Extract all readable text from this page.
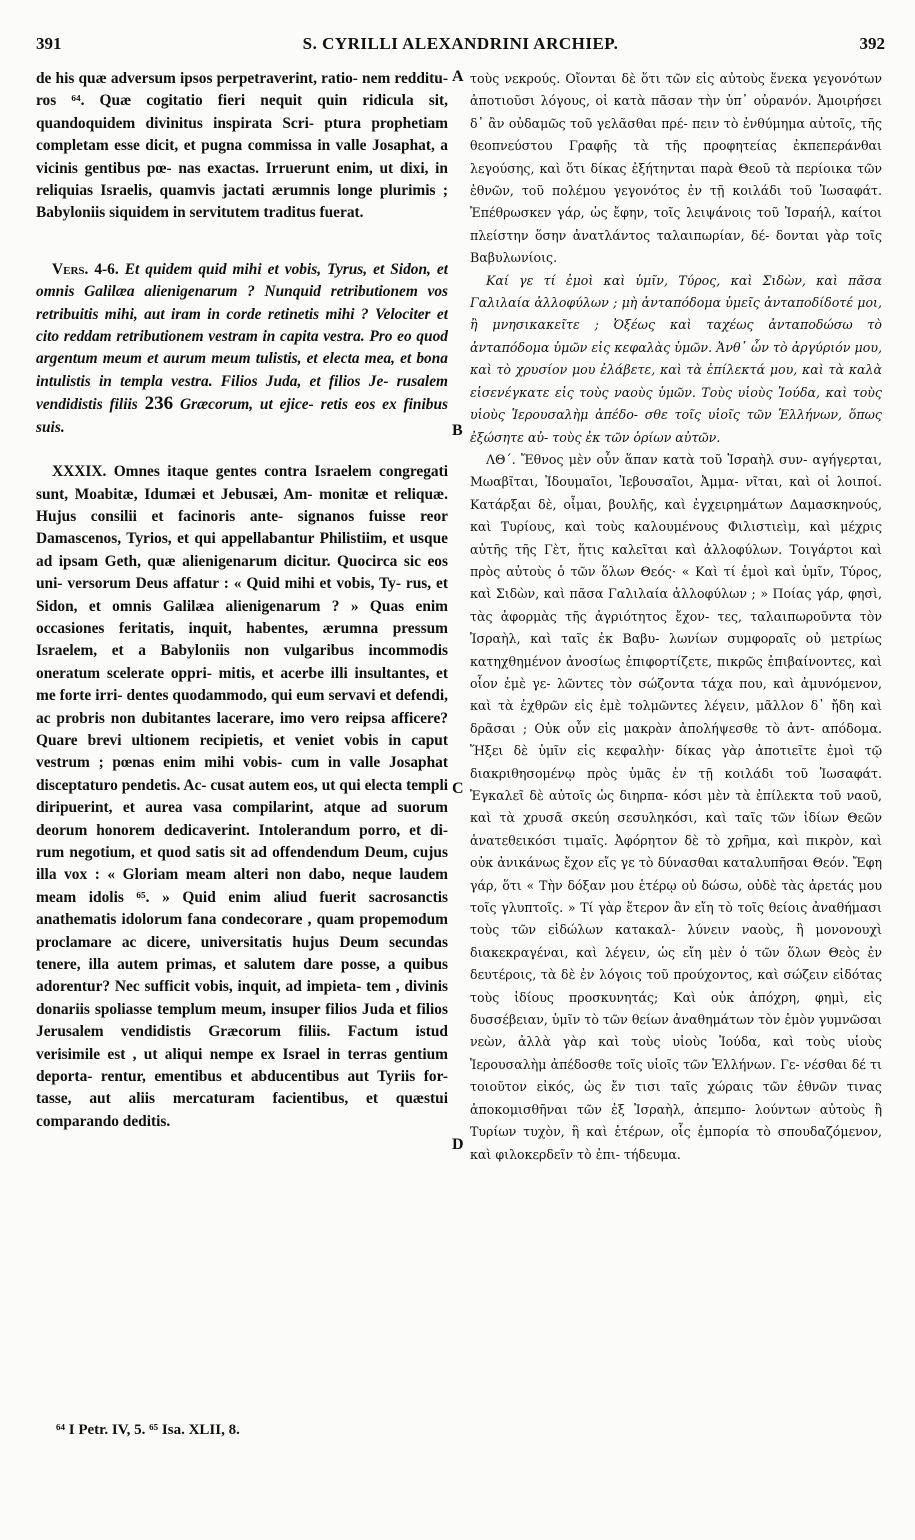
391	S. CYRILLI ALEXANDRINI ARCHIEP.	392

de his quæ adversum ipsos perpetraverint, ratio- nem reddituros ⁶⁴. Quæ cogitatio fieri nequit quin ridicula sit, quandoquidem divinitus inspirata Scri- ptura prophetiam completam esse dicit, et pugna commissa in valle Josaphat, a vicinis gentibus pœ- nas exactas. Irruerunt enim, ut dixi, in reliquias Israelis, quamvis jactati ærumnis longe plurimis ; Babyloniis siquidem in servitutem traditus fuerat.

Vers. 4-6. Et quidem quid mihi et vobis, Tyrus, et Sidon, et omnis Galilæa alienigenarum ? Nunquid retributionem vos retribuitis mihi, aut iram in corde retinetis mihi ? Velociter et cito reddam retributionem vestram in capita vestra. Pro eo quod argentum meum et aurum meum tulistis, et electa mea, et bona intulistis in templa vestra. Filios Juda, et filios Je- rusalem vendidistis filiis 236 Græcorum, ut ejice- retis eos ex finibus suis.

XXXIX. Omnes itaque gentes contra Israelem congregati sunt, Moabitæ, Idumæi et Jebusæi, Am- monitæ et reliquæ. Hujus consilii et facinoris ante- signanos fuisse reor Damascenos, Tyrios, et qui appellabantur Philistiim, et usque ad ipsam Geth, quæ alienigenarum dicitur. Quocirca sic eos uni- versorum Deus affatur : « Quid mihi et vobis, Ty- rus, et Sidon, et omnis Galilæa alienigenarum ? » Quas enim occasiones feritatis, inquit, habentes, ærumna pressum Israelem, et a Babyloniis non vulgaribus incommodis oneratum scelerate oppri- mitis, et acerbe illi insultantes, et me forte irri- dentes quodammodo, qui eum servavi et defendi, ac probris non dubitantes lacerare, imo vero reipsa afficere? Quare brevi ultionem recipietis, et veniet vobis in caput vestrum ; pœnas enim mihi vobis- cum in valle Josaphat disceptaturo pendetis. Ac- cusat autem eos, ut qui electa templi diripuerint, et aurea vasa compilarint, atque ad suorum deorum honorem dedicaverint. Intolerandum porro, et di- rum negotium, et quod satis sit ad offendendum Deum, cujus illa vox : « Gloriam meam alteri non dabo, neque laudem meam idolis ⁶⁵. » Quid enim aliud fuerit sacrosanctis anathematis idolorum fana condecorare , quam propemodum proclamare ac dicere, universitatis hujus Deum secundas tenere, illa autem primas, et salutem dare posse, a quibus adorentur? Nec sufficit vobis, inquit, ad impieta- tem , divinis donariis spoliasse templum meum, insuper filios Juda et filios Jerusalem vendidistis Græcorum filiis. Factum istud verisimile est , ut aliqui nempe ex Israel in terras gentium deporta- rentur, ementibus et abducentibus aut Tyriis for- tasse, aut aliis mercaturam facientibus, et quæstui comparando deditis.

τοὺς νεκρούς. Οἴονται δὲ ὅτι τῶν εἰς αὐτοὺς ἕνεκα γεγονότων ἀποτιοῦσι λόγους, οἱ κατὰ πᾶσαν τὴν ὑπ᾽ οὐρανόν. Ἀμοιρήσει δ᾽ ἂν οὐδαμῶς τοῦ γελᾶσθαι πρέ- πειν τὸ ἐνθύμημα αὐτοῖς, τῆς θεοπνεύστου Γραφῆς τὰ τῆς προφητείας ἐκπεπεράνθαι λεγούσης, καὶ ὅτι δίκας ἐξήτηνται παρὰ Θεοῦ τὰ περίοικα τῶν ἐθνῶν, τοῦ πολέμου γεγονότος ἐν τῇ κοιλάδι τοῦ Ἰωσαφάτ. Ἐπέθρωσκεν γάρ, ὡς ἔφην, τοῖς λειψάνοις τοῦ Ἰσραήλ, καίτοι πλείστην ὅσην ἀνατλάντος ταλαιπωρίαν, δέ- δονται γὰρ τοῖς Βαβυλωνίοις.

Καί γε τί ἐμοὶ καὶ ὑμῖν, Τύρος, καὶ Σιδὼν, καὶ πᾶσα Γαλιλαία ἀλλοφύλων ; μὴ ἀνταπόδομα ὑμεῖς ἀνταποδίδοτέ μοι, ἢ μνησικακεῖτε ; Ὀξέως καὶ ταχέως ἀνταποδώσω τὸ ἀνταπόδομα ὑμῶν εἰς κεφαλὰς ὑμῶν. Ἀνθ᾽ ὧν τὸ ἀργύριόν μου, καὶ τὸ χρυσίον μου ἐλάβετε, καὶ τὰ ἐπίλεκτά μου, καὶ τὰ καλὰ εἰσενέγκατε εἰς τοὺς ναοὺς ὑμῶν. Τοὺς υἱοὺς Ἰούδα, καὶ τοὺς υἱοὺς Ἱερουσαλὴμ ἀπέδο- σθε τοῖς υἱοῖς τῶν Ἑλλήνων, ὅπως ἐξώσητε αὐ- τοὺς ἐκ τῶν ὁρίων αὐτῶν.

ΛΘ΄. Ἔθνος μὲν οὖν ἅπαν κατὰ τοῦ Ἰσραὴλ συν- αγήγερται, Μωαβῖται, Ἰδουμαῖοι, Ἰεβουσαῖοι, Ἀμμα- νῖται, καὶ οἱ λοιποί. Κατάρξαι δὲ, οἶμαι, βουλῆς, καὶ ἐγχειρημάτων Δαμασκηνούς, καὶ Τυρίους, καὶ τοὺς καλουμένους Φιλιστιεὶμ, καὶ μέχρις αὐτῆς τῆς Γὲτ, ἥτις καλεῖται καὶ ἀλλοφύλων. Τοιγάρτοι καὶ πρὸς αὐτοὺς ὁ τῶν ὅλων Θεός· « Καὶ τί ἐμοὶ καὶ ὑμῖν, Τύρος, καὶ Σιδὼν, καὶ πᾶσα Γαλιλαία ἀλλοφύλων ; » Ποίας γάρ, φησὶ, τὰς ἀφορμὰς τῆς ἀγριότητος ἔχον- τες, ταλαιπωροῦντα τὸν Ἰσραὴλ, καὶ ταῖς ἐκ Βαβυ- λωνίων συμφοραῖς οὐ μετρίως κατηχθημένον ἀνοσίως ἐπιφορτίζετε, πικρῶς ἐπιβαίνοντες, καὶ οἷον ἐμὲ γε- λῶντες τὸν σώζοντα τάχα που, καὶ ἀμυνόμενον, καὶ τὰ ἐχθρῶν εἰς ἐμὲ τολμῶντες λέγειν, μᾶλλον δ᾽ ἤδη καὶ δρᾶσαι ; Οὐκ οὖν εἰς μακρὰν ἀπολήψεσθε τὸ ἀντ- απόδομα. Ἥξει δὲ ὑμῖν εἰς κεφαλὴν· δίκας γὰρ ἀποτιεῖτε ἐμοὶ τῷ διακριθησομένῳ πρὸς ὑμᾶς ἐν τῇ κοιλάδι τοῦ Ἰωσαφάτ. Ἐγκαλεῖ δὲ αὐτοῖς ὡς διηρπα- κόσι μὲν τὰ ἐπίλεκτα τοῦ ναοῦ, καὶ τὰ χρυσᾶ σκεύη σεσυληκόσι, καὶ ταῖς τῶν ἰδίων Θεῶν ἀνατεθεικόσι τιμαῖς. Ἀφόρητον δὲ τὸ χρῆμα, καὶ πικρὸν, καὶ οὐκ ἀνικάνως ἔχον εἴς γε τὸ δύνασθαι καταλυπῆσαι Θεόν. Ἔφη γάρ, ὅτι « Τὴν δόξαν μου ἑτέρῳ οὐ δώσω, οὐδὲ τὰς ἀρετάς μου τοῖς γλυπτοῖς. » Τί γὰρ ἕτερον ἂν εἴη τὸ τοῖς θείοις ἀναθήμασι τοὺς τῶν εἰδώλων κατακαλ- λύνειν ναοὺς, ἢ μονονουχὶ διακεκραγέναι, καὶ λέγειν, ὡς εἴη μὲν ὁ τῶν ὅλων Θεὸς ἐν δευτέροις, τὰ δὲ ἐν λόγοις τοῦ προύχοντος, καὶ σώζειν εἰδότας τοὺς ἰδίους προσκυνητάς; Καὶ οὐκ ἀπόχρη, φημὶ, εἰς δυσσέβειαν, ὑμῖν τὸ τῶν θείων ἀναθημάτων τὸν ἐμὸν γυμνῶσαι νεὼν, ἀλλὰ γὰρ καὶ τοὺς υἱοὺς Ἰούδα, καὶ τοὺς υἱοὺς Ἱερουσαλὴμ ἀπέδοσθε τοῖς υἱοῖς τῶν Ἑλλήνων. Γε- νέσθαι δέ τι τοιοῦτον εἰκός, ὡς ἔν τισι ταῖς χώραις τῶν ἐθνῶν τινας ἀποκομισθῆναι τῶν ἐξ Ἰσραὴλ, ἀπεμπο- λούντων αὐτοὺς ἢ Τυρίων τυχὸν, ἢ καὶ ἑτέρων, οἷς ἐμπορία τὸ σπουδαζόμενον, καὶ φιλοκερδεῖν τὸ ἐπι- τήδευμα.

A
B
C
D
⁶⁴ I Petr. IV, 5. ⁶⁵ Isa. XLII, 8.
